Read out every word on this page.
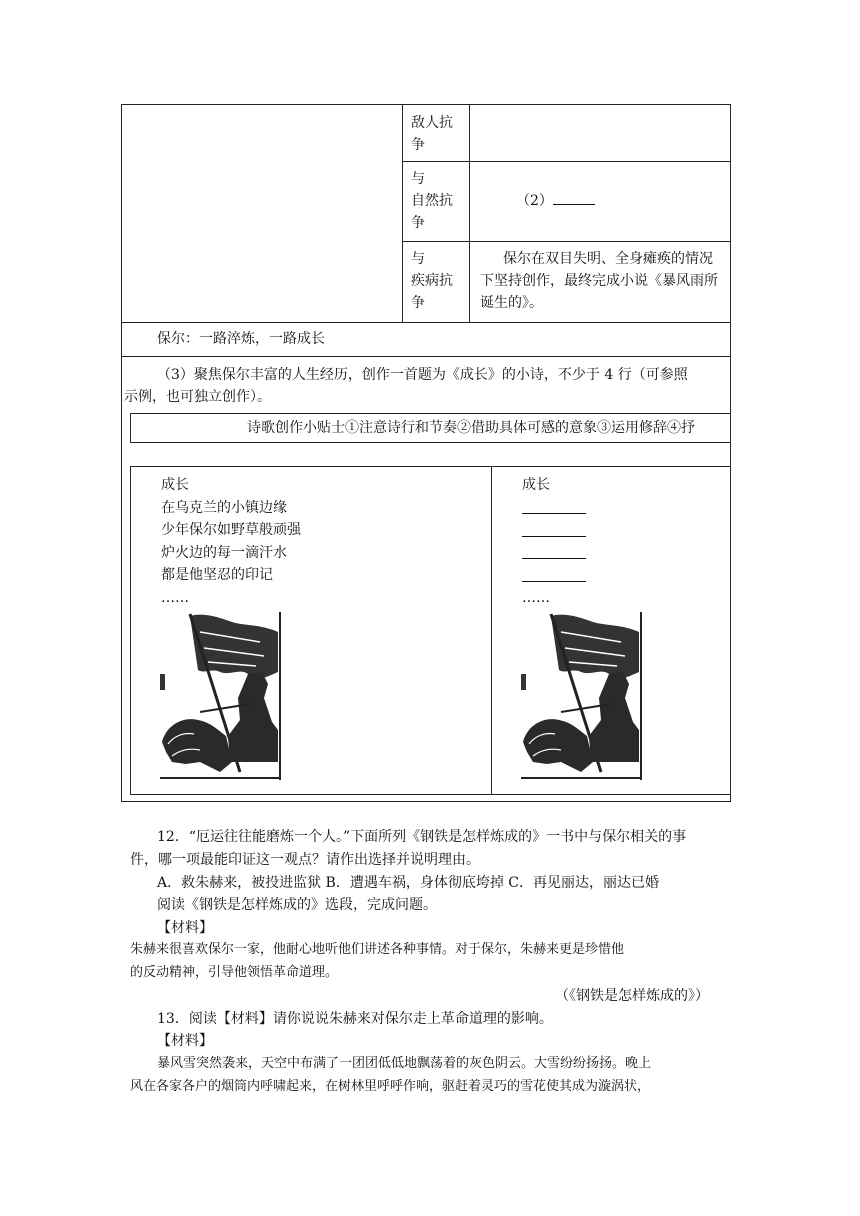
敌人抗
争
与
自然抗
争
与
疾病抗
争
（2）
保尔在双目失明、全身瘫痪的情况
下坚持创作，最终完成小说《暴风雨所
诞生的》。
保尔：一路淬炼，一路成长
（3）聚焦保尔丰富的人生经历，创作一首题为《成长》的小诗，不少于 4 行（可参照
示例，也可独立创作）。
诗歌创作小贴士①注意诗行和节奏②借助具体可感的意象③运用修辞④抒
成长
在乌克兰的小镇边缘
少年保尔如野草般顽强
炉火边的每一滴汗水
都是他坚忍的印记
……
成长
……
12．“厄运往往能磨炼一个人。”下面所列《钢铁是怎样炼成的》一书中与保尔相关的事
件，哪一项最能印证这一观点？请作出选择并说明理由。
A．救朱赫来，被投进监狱 B．遭遇车祸，身体彻底垮掉 C．再见丽达，丽达已婚
阅读《钢铁是怎样炼成的》选段，完成问题。
【材料】
朱赫来很喜欢保尔一家，他耐心地听他们讲述各种事情。对于保尔，朱赫来更是珍惜他
的反动精神，引导他领悟革命道理。
（《钢铁是怎样炼成的》）
13．阅读【材料】请你说说朱赫来对保尔走上革命道理的影响。
【材料】
暴风雪突然袭来，天空中布满了一团团低低地飘荡着的灰色阴云。大雪纷纷扬扬。晚上
风在各家各户的烟筒内呼啸起来，在树林里呼呼作响，驱赶着灵巧的雪花使其成为漩涡状，
